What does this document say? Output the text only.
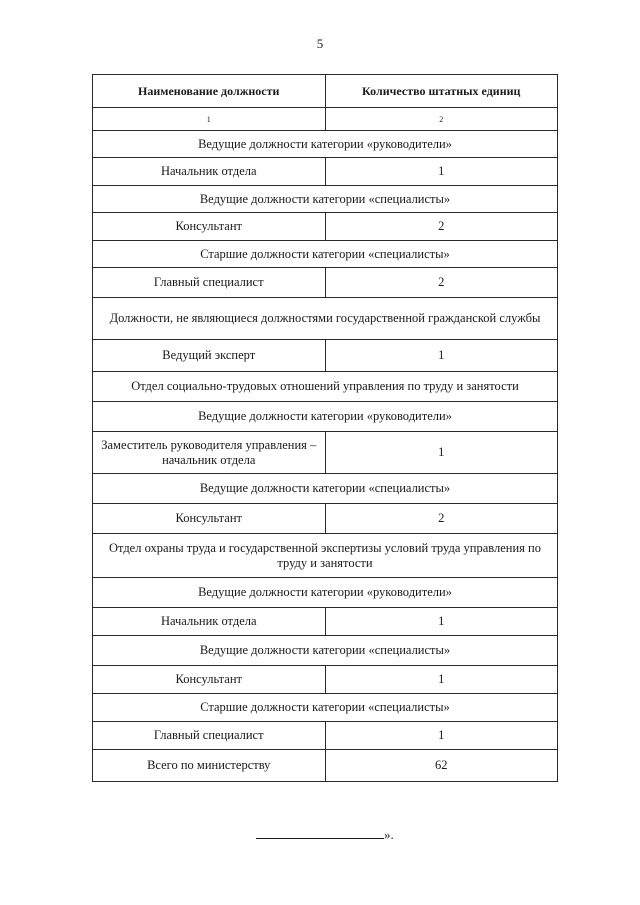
5
Наименование должности	Количество штатных единиц
1	2
Ведущие должности категории «руководители»	
Начальник отдела	1
Ведущие должности категории «специалисты»	
Консультант	2
Старшие должности категории «специалисты»	
Главный специалист	2
Должности, не являющиеся должностями государственной гражданской службы	
Ведущий эксперт	1
Отдел социально-трудовых отношений управления по труду и занятости	
Ведущие должности категории «руководители»	
Заместитель руководителя управления – начальник отдела	1
Ведущие должности категории «специалисты»	
Консультант	2
Отдел охраны труда и государственной экспертизы условий труда управления по труду и занятости	
Ведущие должности категории «руководители»	
Начальник отдела	1
Ведущие должности категории «специалисты»	
Консультант	1
Старшие должности категории «специалисты»	
Главный специалист	1
Всего по министерству	62
».
